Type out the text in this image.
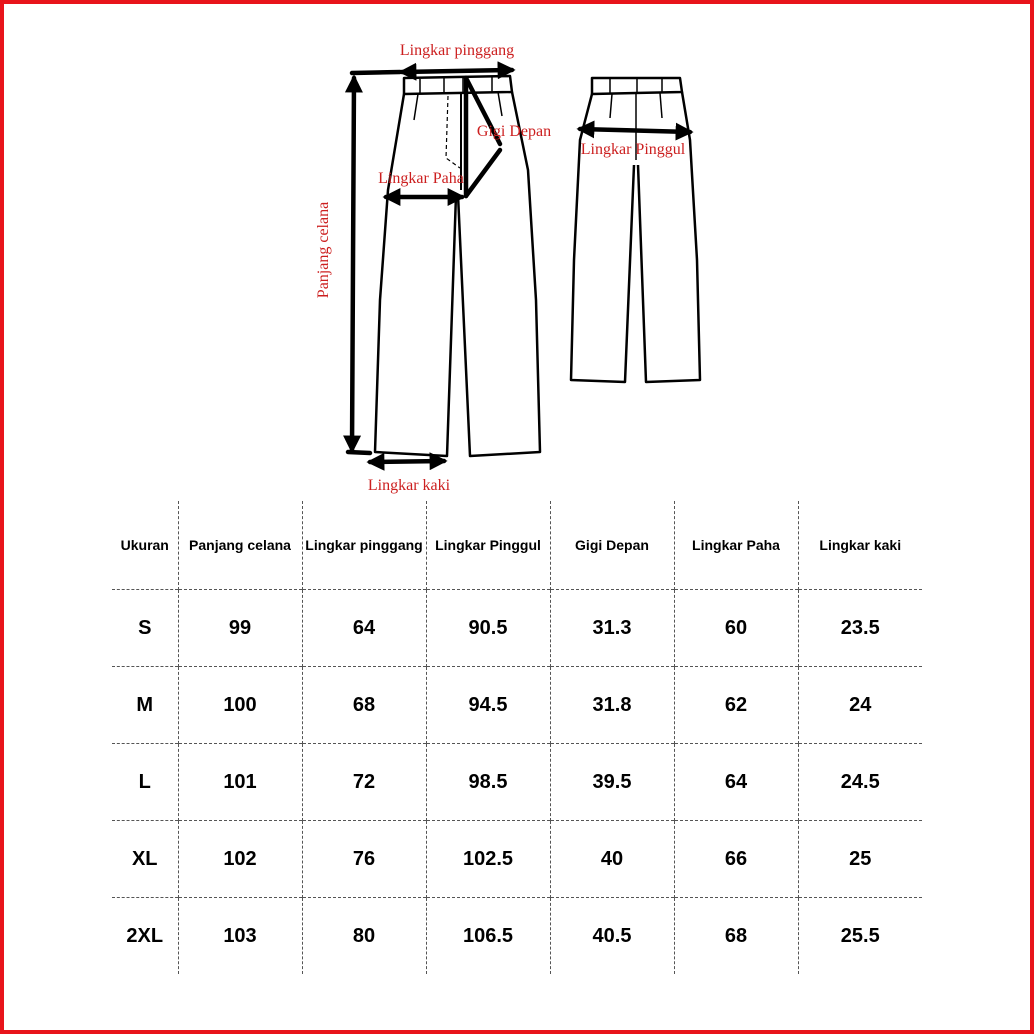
Lingkar pinggang
Gigi Depan
Lingkar Pinggul
Lingkar Paha
Panjang celana
Lingkar kaki
Ukuran	Panjang celana	Lingkar pinggang	Lingkar Pinggul	Gigi Depan	Lingkar Paha	Lingkar kaki
S	99	64	90.5	31.3	60	23.5
M	100	68	94.5	31.8	62	24
L	101	72	98.5	39.5	64	24.5
XL	102	76	102.5	40	66	25
2XL	103	80	106.5	40.5	68	25.5
